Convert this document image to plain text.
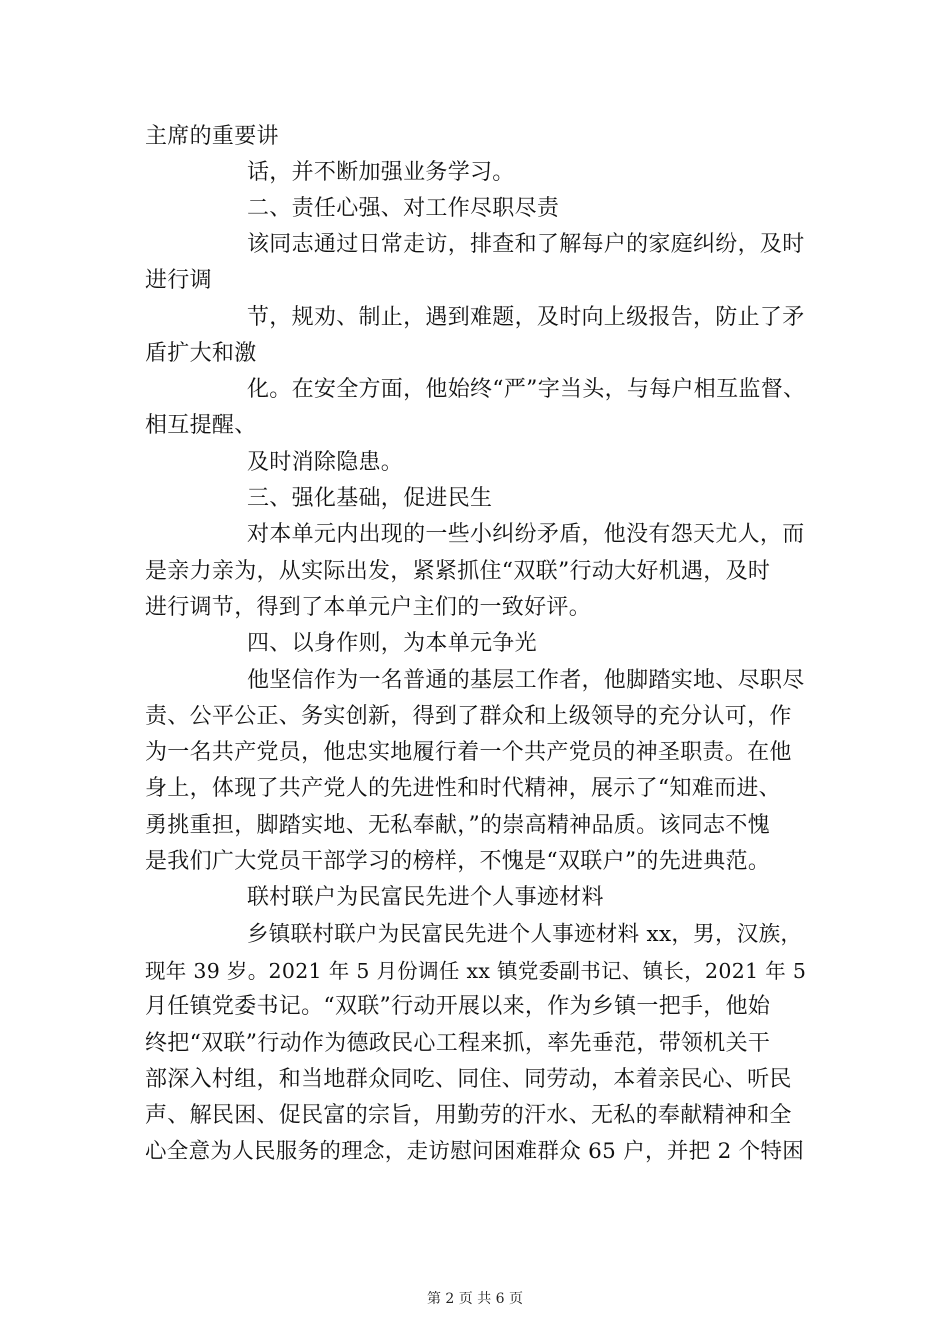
主席的重要讲
话，并不断加强业务学习。
二、责任心强、对工作尽职尽责
该同志通过日常走访，排查和了解每户的家庭纠纷，及时
进行调
节，规劝、制止，遇到难题，及时向上级报告，防止了矛
盾扩大和激
化。在安全方面，他始终“严”字当头，与每户相互监督、
相互提醒、
及时消除隐患。
三、强化基础，促进民生
对本单元内出现的一些小纠纷矛盾，他没有怨天尤人，而
是亲力亲为，从实际出发，紧紧抓住“双联”行动大好机遇，及时
进行调节，得到了本单元户主们的一致好评。
四、以身作则，为本单元争光
他坚信作为一名普通的基层工作者，他脚踏实地、尽职尽
责、公平公正、务实创新，得到了群众和上级领导的充分认可，作
为一名共产党员，他忠实地履行着一个共产党员的神圣职责。在他
身上，体现了共产党人的先进性和时代精神，展示了“知难而进、
勇挑重担，脚踏实地、无私奉献，”的崇高精神品质。该同志不愧
是我们广大党员干部学习的榜样，不愧是“双联户”的先进典范。
联村联户为民富民先进个人事迹材料
乡镇联村联户为民富民先进个人事迹材料 xx，男，汉族，
现年 39 岁。2021 年 5 月份调任 xx 镇党委副书记、镇长，2021 年 5
月任镇党委书记。“双联”行动开展以来，作为乡镇一把手，他始
终把“双联”行动作为德政民心工程来抓，率先垂范，带领机关干
部深入村组，和当地群众同吃、同住、同劳动，本着亲民心、听民
声、解民困、促民富的宗旨，用勤劳的汗水、无私的奉献精神和全
心全意为人民服务的理念，走访慰问困难群众 65 户，并把 2 个特困
第 2 页 共 6 页
